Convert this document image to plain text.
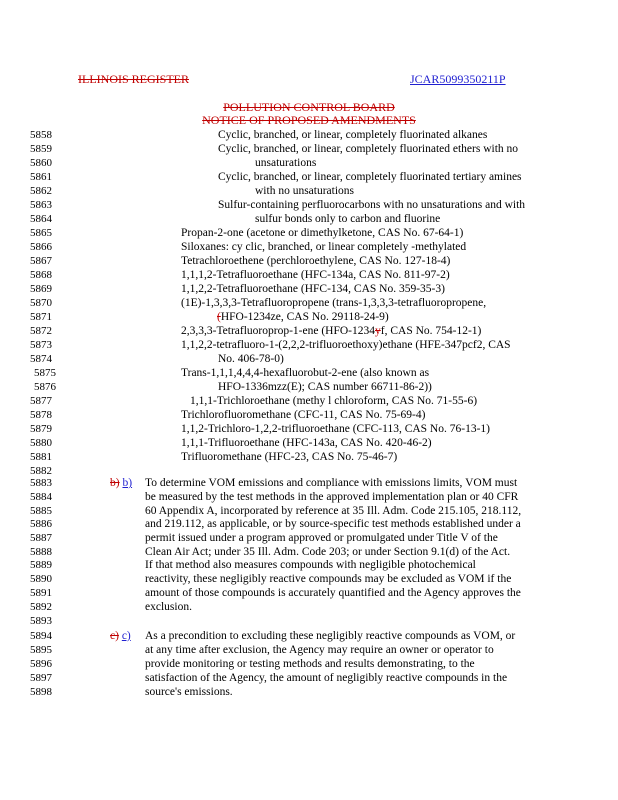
ILLINOIS REGISTER	JCAR5099350211P
POLLUTION CONTROL BOARD
NOTICE OF PROPOSED AMENDMENTS
5858
5859
5860
5861
5862
5863
5864
5865
5866
5867
5868
5869
5870
5871
5872
5873
5874
5875
5876
5877
5878
5879
5880
5881
5882
5883
5884
5885
5886
5887
5888
5889
5890
5891
5892
5893
5894
5895
5896
5897
5898
Cyclic, branched, or linear, completely fluorinated alkanes
Cyclic, branched, or linear, completely fluorinated ethers with no
unsaturations
Cyclic, branched, or linear, completely fluorinated tertiary amines
with no unsaturations
Sulfur-containing perfluorocarbons with no unsaturations and with
sulfur bonds only to carbon and fluorine
Propan-2-one (acetone or dimethylketone, CAS No. 67-64-1)
Siloxanes: cy clic, branched, or linear completely -methylated
Tetrachloroethene (perchloroethylene, CAS No. 127-18-4)
1,1,1,2-Tetrafluoroethane (HFC-134a, CAS No. 811-97-2)
1,1,2,2-Tetrafluoroethane (HFC-134, CAS No. 359-35-3)
(1E)-1,3,3,3-Tetrafluoropropene (trans-1,3,3,3-tetrafluoropropene,
(HFO-1234ze, CAS No. 29118-24-9)
2,3,3,3-Tetrafluoroprop-1-ene (HFO-1234yf, CAS No. 754-12-1)
1,1,2,2-tetrafluoro-1-(2,2,2-trifluoroethoxy)ethane (HFE-347pcf2, CAS
No. 406-78-0)
Trans-1,1,1,4,4,4-hexafluorobut-2-ene (also known as
HFO-1336mzz(E); CAS number 66711-86-2))
1,1,1-Trichloroethane (methy l chloroform, CAS No. 71-55-6)
Trichlorofluoromethane (CFC-11, CAS No. 75-69-4)
1,1,2-Trichloro-1,2,2-trifluoroethane (CFC-113, CAS No. 76-13-1)
1,1,1-Trifluoroethane (HFC-143a, CAS No. 420-46-2)
Trifluoromethane (HFC-23, CAS No. 75-46-7)
b) b) To determine VOM emissions and compliance with emissions limits, VOM must
be measured by the test methods in the approved implementation plan or 40 CFR
60 Appendix A, incorporated by reference at 35 Ill. Adm. Code 215.105, 218.112,
and 219.112, as applicable, or by source-specific test methods established under a
permit issued under a program approved or promulgated under Title V of the
Clean Air Act; under 35 Ill. Adm. Code 203; or under Section 9.1(d) of the Act.
If that method also measures compounds with negligible photochemical
reactivity, these negligibly reactive compounds may be excluded as VOM if the
amount of those compounds is accurately quantified and the Agency approves the
exclusion.
c) c) As a precondition to excluding these negligibly reactive compounds as VOM, or
at any time after exclusion, the Agency may require an owner or operator to
provide monitoring or testing methods and results demonstrating, to the
satisfaction of the Agency, the amount of negligibly reactive compounds in the
source's emissions.
